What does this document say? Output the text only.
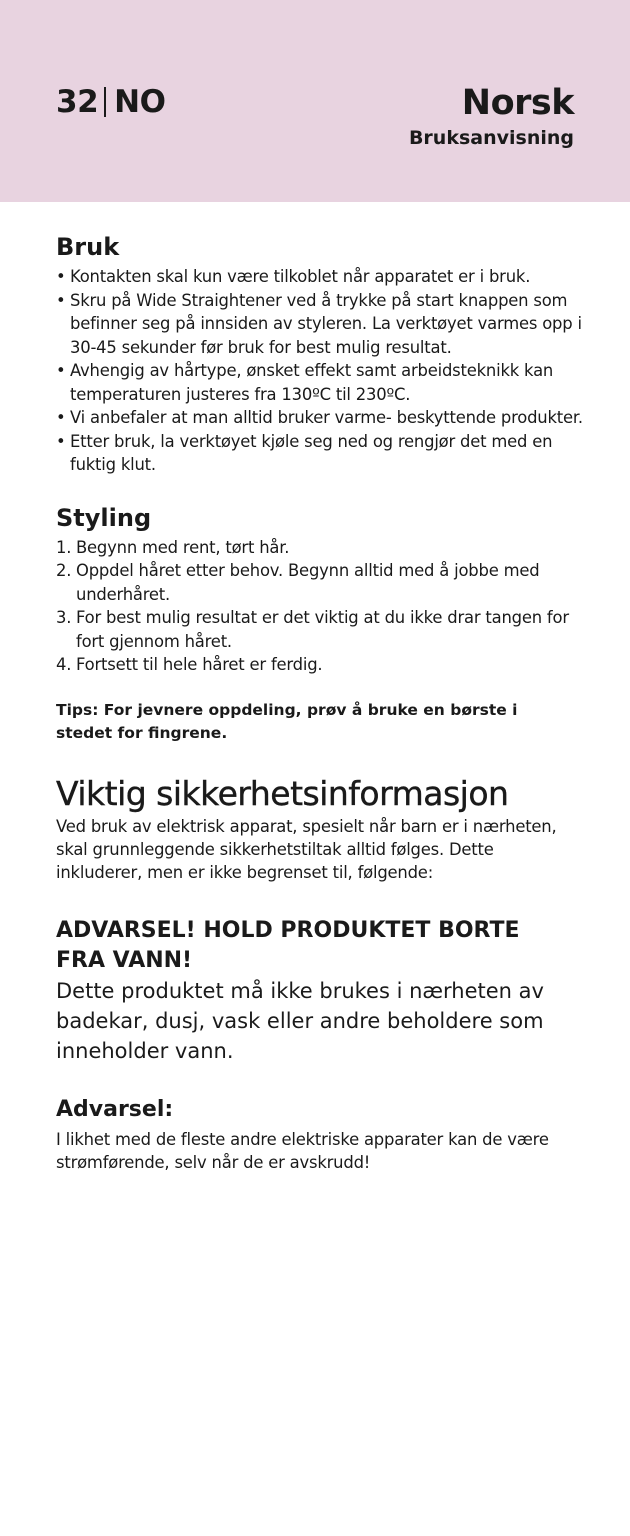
32 NO	Norsk
Bruksanvisning
Bruk
• Kontakten skal kun være tilkoblet når apparatet er i bruk.
• Skru på Wide Straightener ved å trykke på start knappen som befinner seg på innsiden av styleren. La verktøyet varmes opp i 30-45 sekunder før bruk for best mulig resultat.
• Avhengig av hårtype, ønsket effekt samt arbeidsteknikk kan temperaturen justeres fra 130ºC til 230ºC.
• Vi anbefaler at man alltid bruker varme- beskyttende produkter.
• Etter bruk, la verktøyet kjøle seg ned og rengjør det med en fuktig klut.
Styling
1. Begynn med rent, tørt hår.
2. Oppdel håret etter behov. Begynn alltid med å jobbe med underhåret.
3. For best mulig resultat er det viktig at du ikke drar tangen for fort gjennom håret.
4. Fortsett til hele håret er ferdig.

Tips: For jevnere oppdeling, prøv å bruke en børste i stedet for fingrene.

Viktig sikkerhetsinformasjon

Ved bruk av elektrisk apparat, spesielt når barn er i nærheten, skal grunnleggende sikkerhetstiltak alltid følges. Dette inkluderer, men er ikke begrenset til, følgende:

ADVARSEL! HOLD PRODUKTET BORTE FRA VANN!

Dette produktet må ikke brukes i nærheten av badekar, dusj, vask eller andre beholdere som inneholder vann.

Advarsel:

I likhet med de fleste andre elektriske apparater kan de være strømførende, selv når de er avskrudd!
